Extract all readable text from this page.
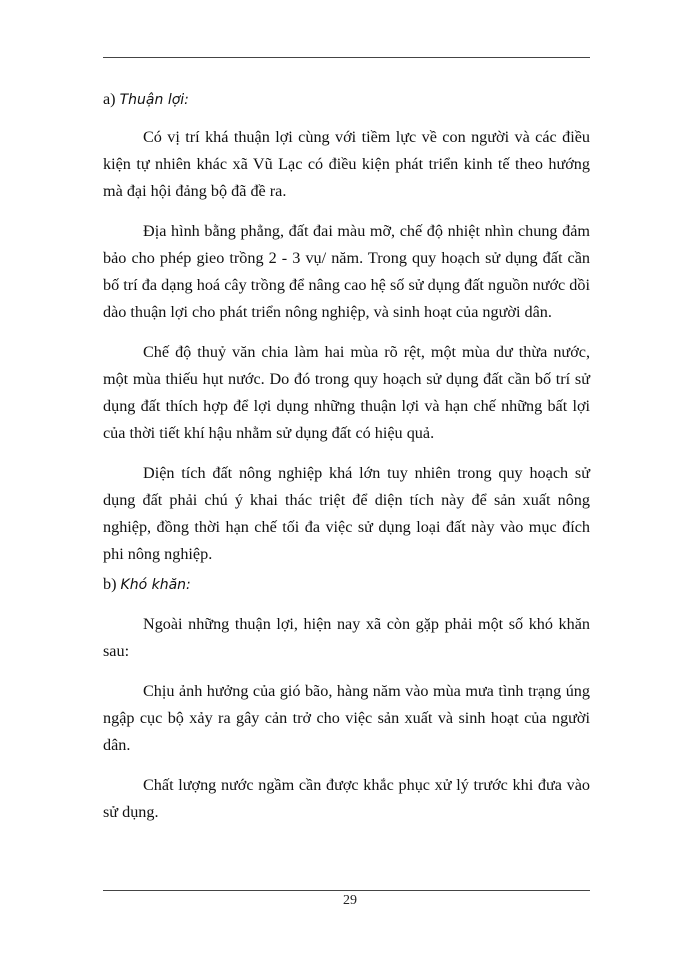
a) Thuận lợi:

Có vị trí khá thuận lợi cùng với tiềm lực về con người và các điều kiện tự nhiên khác xã Vũ Lạc có điều kiện phát triển kinh tế theo hướng mà đại hội đảng bộ đã đề ra.

Địa hình bằng phẳng, đất đai màu mỡ, chế độ nhiệt nhìn chung đảm bảo cho phép gieo trồng 2 - 3 vụ/ năm. Trong quy hoạch sử dụng đất cần bố trí đa dạng hoá cây trồng để nâng cao hệ số sử dụng đất nguồn nước dồi dào thuận lợi cho phát triển nông nghiệp, và sinh hoạt của người dân.

Chế độ thuỷ văn chia làm hai mùa rõ rệt, một mùa dư thừa nước, một mùa thiếu hụt nước. Do đó trong quy hoạch sử dụng đất cần bố trí sử dụng đất thích hợp để lợi dụng những thuận lợi và hạn chế những bất lợi của thời tiết khí hậu nhằm sử dụng đất có hiệu quả.

Diện tích đất nông nghiệp khá lớn tuy nhiên trong quy hoạch sử dụng đất phải chú ý khai thác triệt để diện tích này để sản xuất nông nghiệp, đồng thời hạn chế tối đa việc sử dụng loại đất này vào mục đích phi nông nghiệp.

b) Khó khăn:

Ngoài những thuận lợi, hiện nay xã còn gặp phải một số khó khăn sau:

Chịu ảnh hưởng của gió bão, hàng năm vào mùa mưa tình trạng úng ngập cục bộ xảy ra gây cản trở cho việc sản xuất và sinh hoạt của người dân.

Chất lượng nước ngầm cần được khắc phục xử lý trước khi đưa vào sử dụng.

29
